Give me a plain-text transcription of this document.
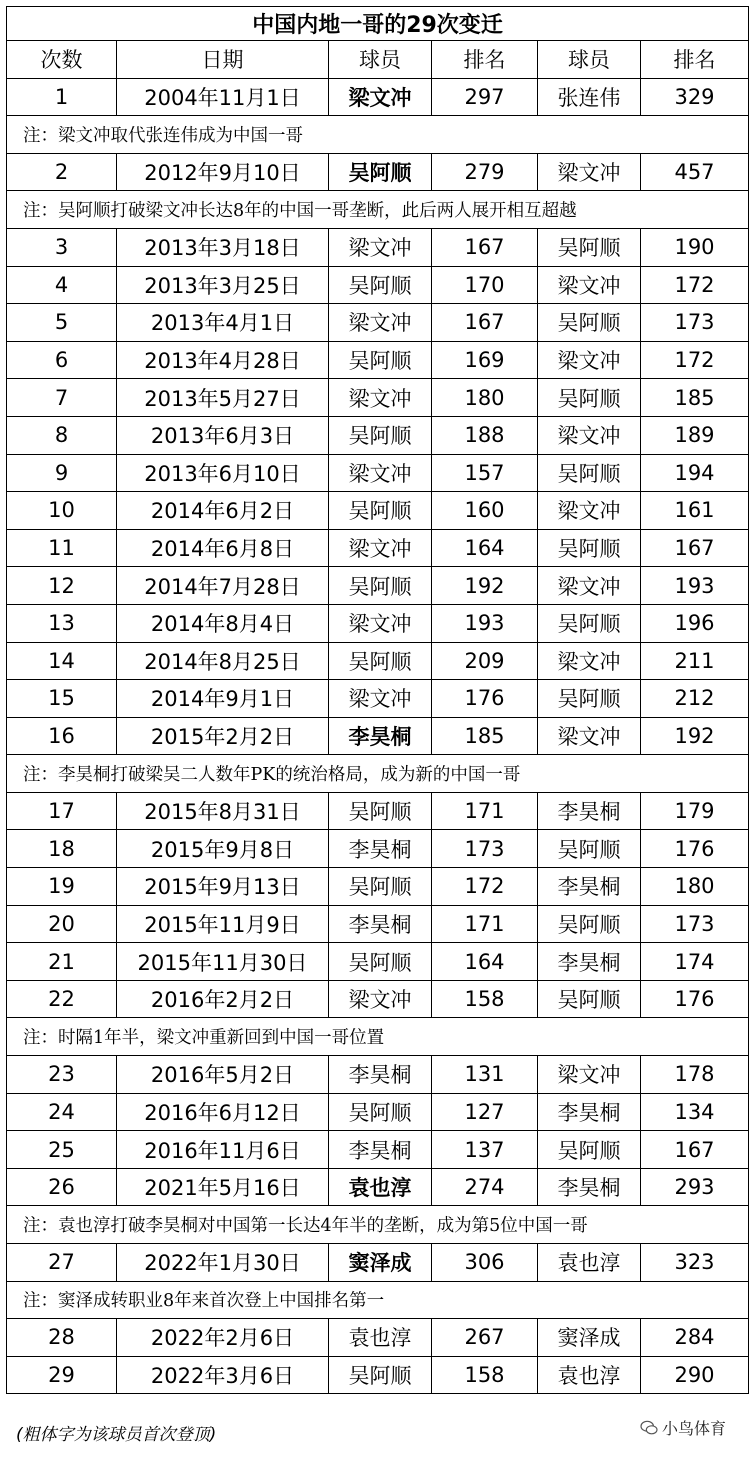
中国内地一哥的29次变迁					
次数	日期	球员	排名	球员	排名
1	2004年11月1日	梁文冲	297	张连伟	329
注：梁文冲取代张连伟成为中国一哥					
2	2012年9月10日	吴阿顺	279	梁文冲	457
注：吴阿顺打破梁文冲长达8年的中国一哥垄断，此后两人展开相互超越					
3	2013年3月18日	梁文冲	167	吴阿顺	190
4	2013年3月25日	吴阿顺	170	梁文冲	172
5	2013年4月1日	梁文冲	167	吴阿顺	173
6	2013年4月28日	吴阿顺	169	梁文冲	172
7	2013年5月27日	梁文冲	180	吴阿顺	185
8	2013年6月3日	吴阿顺	188	梁文冲	189
9	2013年6月10日	梁文冲	157	吴阿顺	194
10	2014年6月2日	吴阿顺	160	梁文冲	161
11	2014年6月8日	梁文冲	164	吴阿顺	167
12	2014年7月28日	吴阿顺	192	梁文冲	193
13	2014年8月4日	梁文冲	193	吴阿顺	196
14	2014年8月25日	吴阿顺	209	梁文冲	211
15	2014年9月1日	梁文冲	176	吴阿顺	212
16	2015年2月2日	李昊桐	185	梁文冲	192
注：李昊桐打破梁吴二人数年PK的统治格局，成为新的中国一哥					
17	2015年8月31日	吴阿顺	171	李昊桐	179
18	2015年9月8日	李昊桐	173	吴阿顺	176
19	2015年9月13日	吴阿顺	172	李昊桐	180
20	2015年11月9日	李昊桐	171	吴阿顺	173
21	2015年11月30日	吴阿顺	164	李昊桐	174
22	2016年2月2日	梁文冲	158	吴阿顺	176
注：时隔1年半，梁文冲重新回到中国一哥位置					
23	2016年5月2日	李昊桐	131	梁文冲	178
24	2016年6月12日	吴阿顺	127	李昊桐	134
25	2016年11月6日	李昊桐	137	吴阿顺	167
26	2021年5月16日	袁也淳	274	李昊桐	293
注：袁也淳打破李昊桐对中国第一长达4年半的垄断，成为第5位中国一哥					
27	2022年1月30日	窦泽成	306	袁也淳	323
注：窦泽成转职业8年来首次登上中国排名第一					
28	2022年2月6日	袁也淳	267	窦泽成	284
29	2022年3月6日	吴阿顺	158	袁也淳	290
(粗体字为该球员首次登顶)	小鸟体育
